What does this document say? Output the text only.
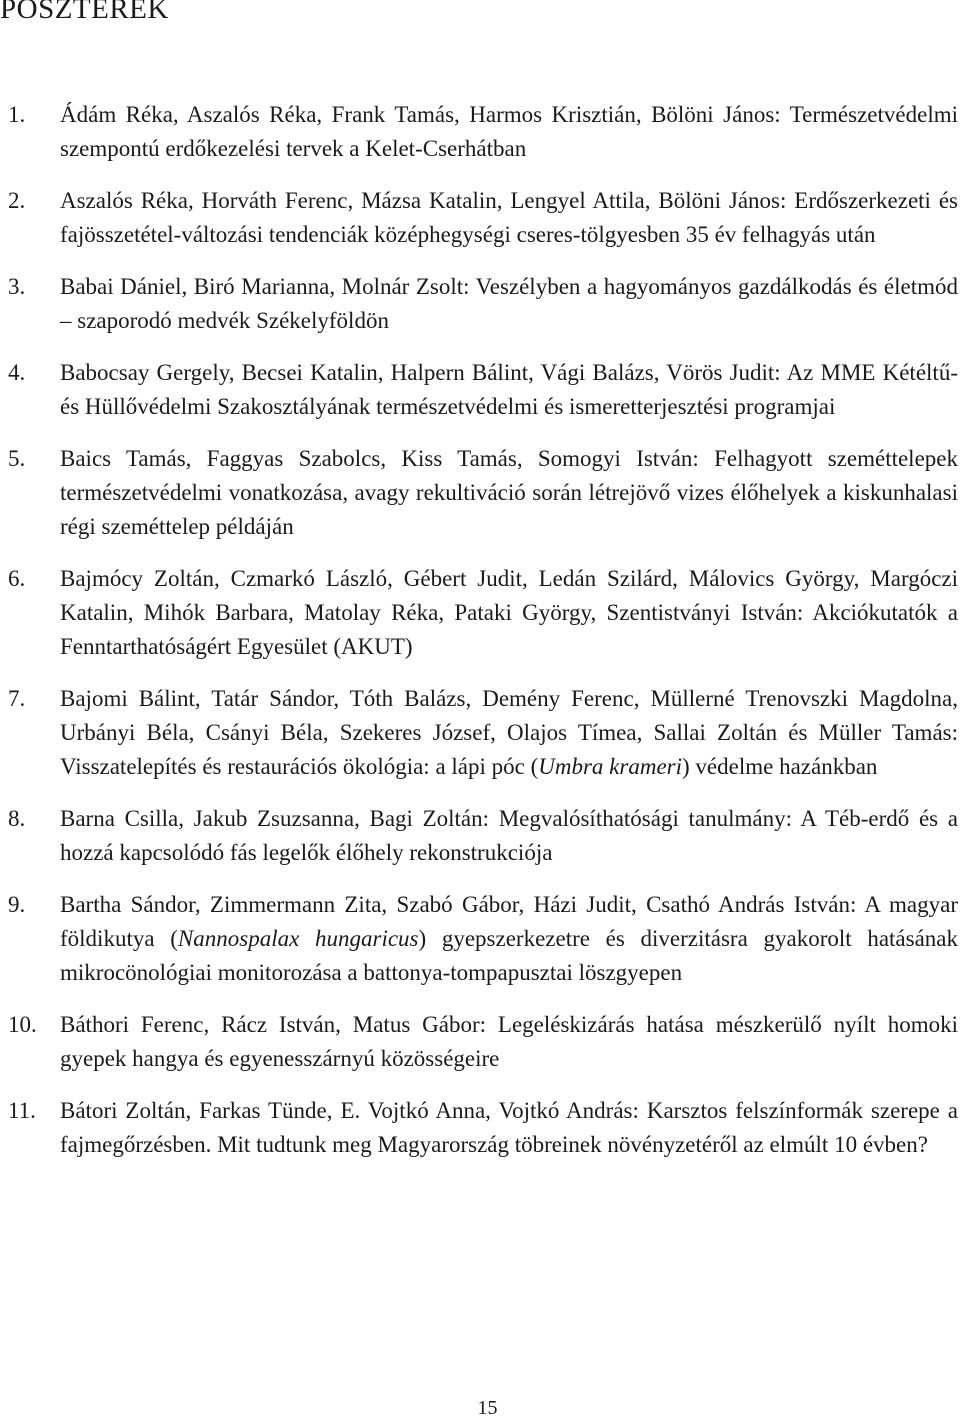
POSZTEREK
1.	Ádám Réka, Aszalós Réka, Frank Tamás, Harmos Krisztián, Bölöni János : Természetvédelmi szempontú erdőkezelési tervek a Kelet-Cserhátban
2.	Aszalós Réka, Horváth Ferenc, Mázsa Katalin, Lengyel Attila, Bölöni János : Erdőszerkezeti és fajösszetétel-változási tendenciák középhegységi cseres-tölgyesben 35 év felhagyás után
3.	Babai Dániel, Biró Marianna, Molnár Zsolt : Veszélyben a hagyományos gazdálkodás és életmód – szaporodó medvék Székelyföldön
4.	Babocsay Gergely, Becsei Katalin, Halpern Bálint, Vági Balázs, Vörös Judit : Az MME Kétéltű- és Hüllővédelmi Szakosztályának természetvédelmi és ismeretterjesztési programjai
5.	Baics Tamás, Faggyas Szabolcs, Kiss Tamás, Somogyi István : Felhagyott szeméttelepek természetvédelmi vonatkozása, avagy rekultiváció során létrejövő vizes élőhelyek a kiskunhalasi régi szeméttelep példáján
6.	Bajmócy Zoltán, Czmarkó László, Gébert Judit, Ledán Szilárd, Málovics György, Margóczi Katalin, Mihók Barbara, Matolay Réka, Pataki György, Szentistványi István : Akciókutatók a Fenntarthatóságért Egyesület (AKUT)
7.	Bajomi Bálint, Tatár Sándor, Tóth Balázs, Demény Ferenc, Müllerné Trenovszki Magdolna, Urbányi Béla, Csányi Béla, Szekeres József, Olajos Tímea, Sallai Zoltán és Müller Tamás : Visszatelepítés és restaurációs ökológia: a lápi póc (Umbra krameri) védelme hazánkban
8.	Barna Csilla, Jakub Zsuzsanna, Bagi Zoltán : Megvalósíthatósági tanulmány: A Téb-erdő és a hozzá kapcsolódó fás legelők élőhely rekonstrukciója
9.	Bartha Sándor, Zimmermann Zita, Szabó Gábor, Házi Judit, Csathó András István : A magyar földikutya (Nannospalax hungaricus) gyepszerkezetre és diverzitásra gyakorolt hatásának mikrocönológiai monitorozása a battonya-tompapusztai löszgyepen
10.	Báthori Ferenc, Rácz István, Matus Gábor : Legeléskizárás hatása mészkerülő nyílt homoki gyepek hangya és egyenesszárnyú közösségeire
11.	Bátori Zoltán, Farkas Tünde, E. Vojtkó Anna, Vojtkó András : Karsztos felszínformák szerepe a fajmegőrzésben. Mit tudtunk meg Magyarország töbreinek növényzetéről az elmúlt 10 évben?
15
